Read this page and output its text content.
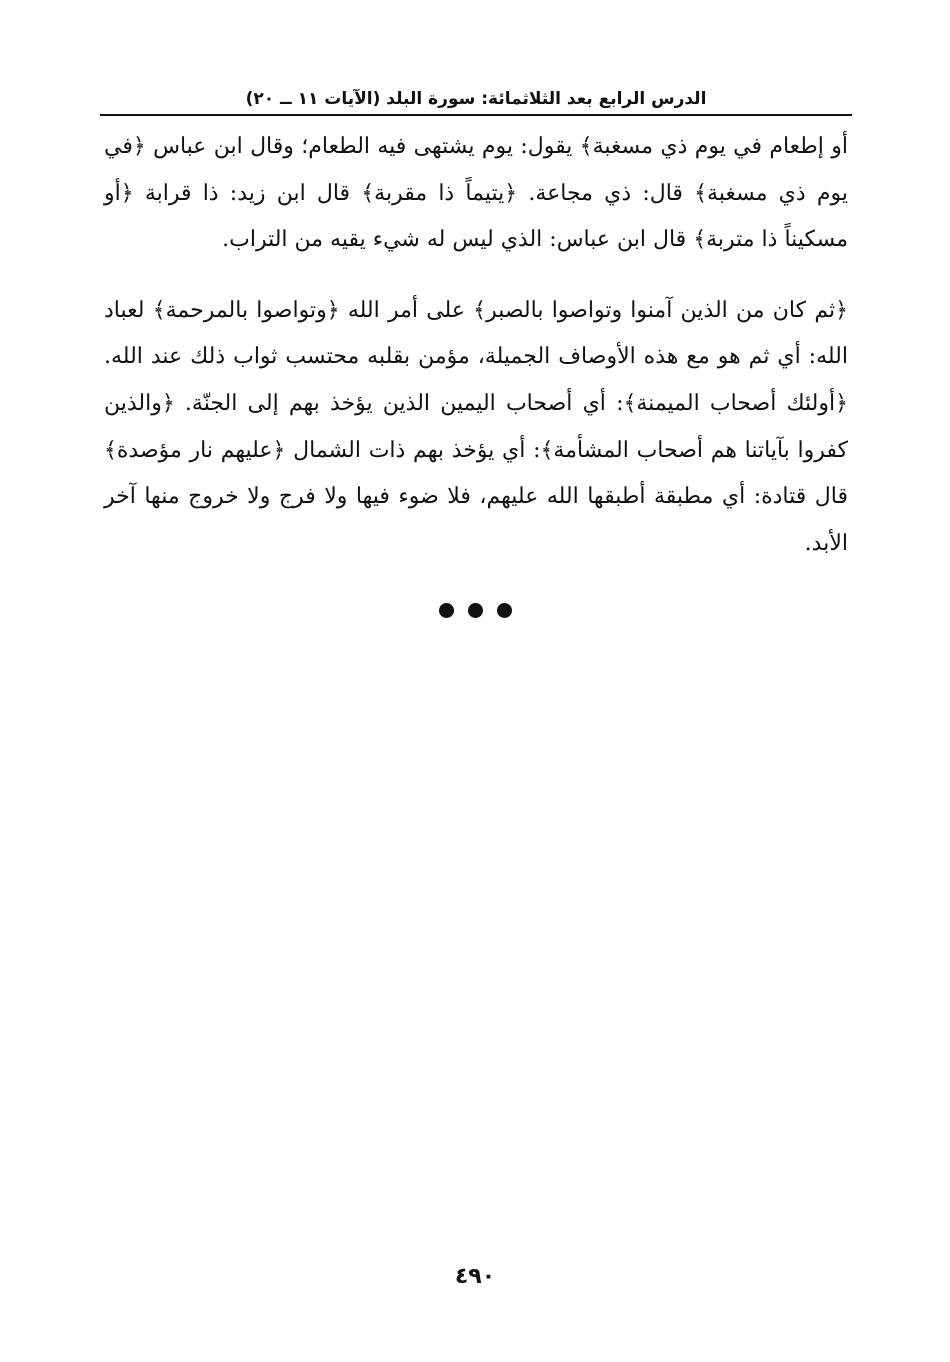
الدرس الرابع بعد الثلاثمائة: سورة البلد (الآيات ١١ ــ ٢٠)

أو إطعام في يوم ذي مسغبة﴾ يقول: يوم يشتهى فيه الطعام؛ وقال ابن عباس ﴿في يوم ذي مسغبة﴾ قال: ذي مجاعة. ﴿يتيماً ذا مقربة﴾ قال ابن زيد: ذا قرابة ﴿أو مسكيناً ذا متربة﴾ قال ابن عباس: الذي ليس له شيء يقيه من التراب.

﴿ثم كان من الذين آمنوا وتواصوا بالصبر﴾ على أمر الله ﴿وتواصوا بالمرحمة﴾ لعباد الله: أي ثم هو مع هذه الأوصاف الجميلة، مؤمن بقلبه محتسب ثواب ذلك عند الله. ﴿أولئك أصحاب الميمنة﴾: أي أصحاب اليمين الذين يؤخذ بهم إلى الجنّة. ﴿والذين كفروا بآياتنا هم أصحاب المشأمة﴾: أي يؤخذ بهم ذات الشمال ﴿عليهم نار مؤصدة﴾ قال قتادة: أي مطبقة أطبقها الله عليهم، فلا ضوء فيها ولا فرج ولا خروج منها آخر الأبد.

٤٩٠
